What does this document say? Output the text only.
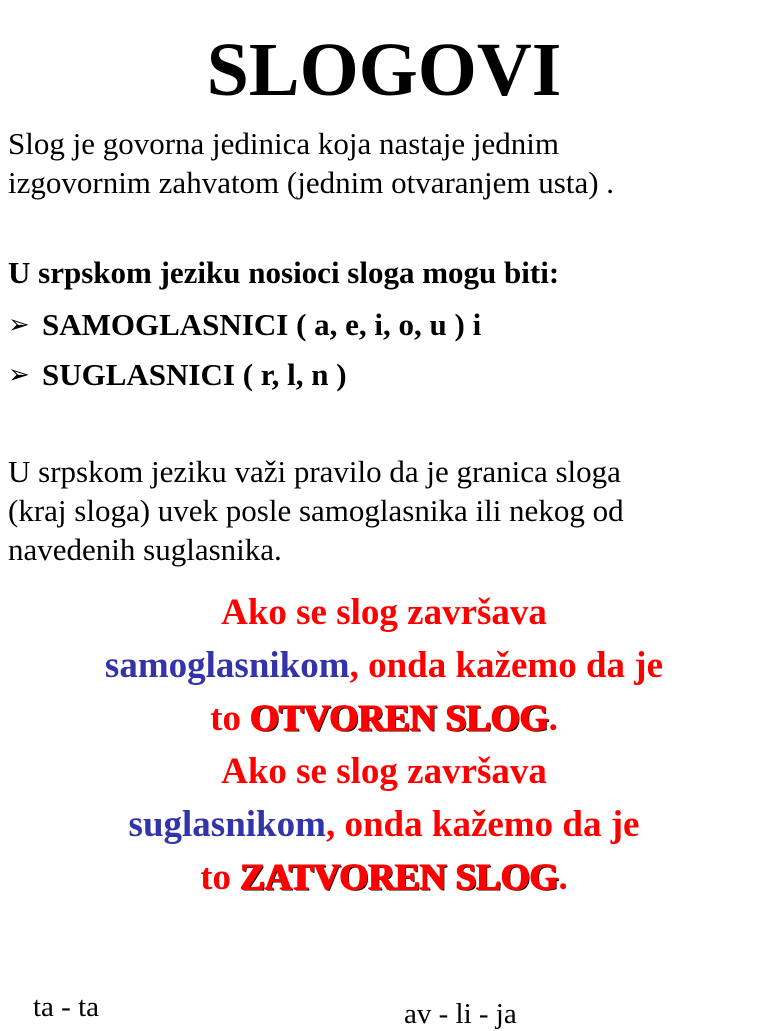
SLOGOVI

Slog je govorna jedinica koja nastaje jednim
izgovornim zahvatom (jednim otvaranjem usta) .

U srpskom jeziku nosioci sloga mogu biti:

➢ SAMOGLASNICI ( a, e, i, o, u ) i
➢ SUGLASNICI ( r, l, n )

U srpskom jeziku važi pravilo da je granica sloga
(kraj sloga) uvek posle samoglasnika ili nekog od
navedenih suglasnika.

Ako se slog završava
samoglasnikom, onda kažemo da je
to OTVOREN SLOG.
Ako se slog završava
suglasnikom, onda kažemo da je
to ZATVOREN SLOG.

ta - ta	av - li - ja
